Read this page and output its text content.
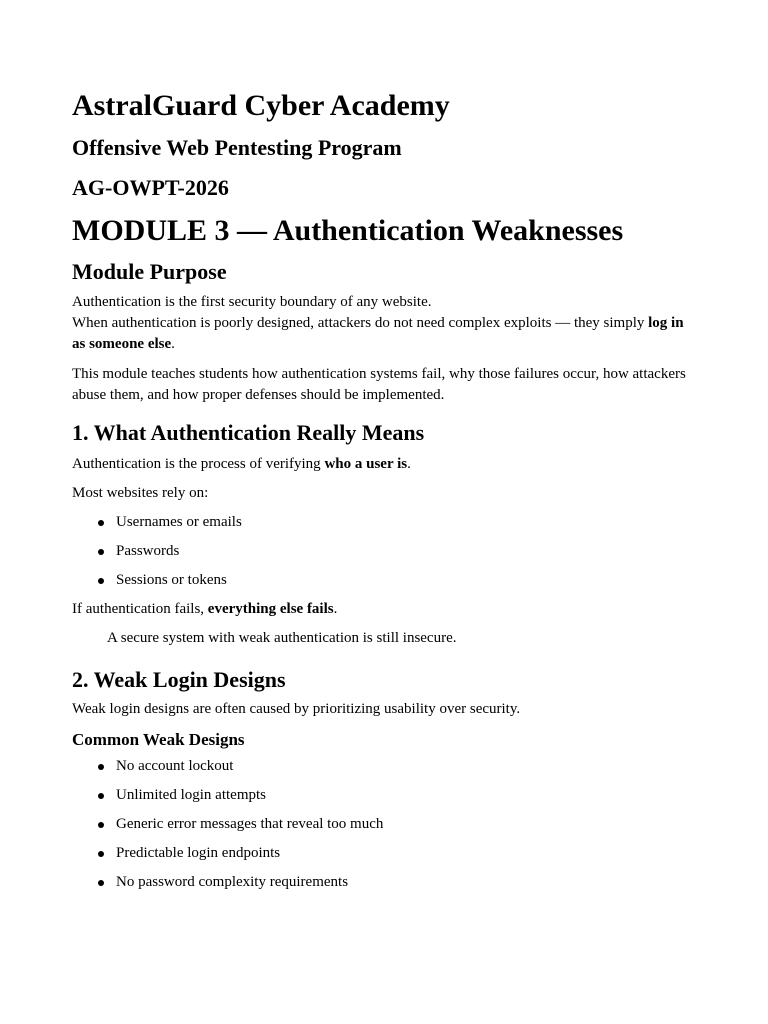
AstralGuard Cyber Academy
Offensive Web Pentesting Program
AG-OWPT-2026
MODULE 3 — Authentication Weaknesses
Module Purpose

Authentication is the first security boundary of any website.
When authentication is poorly designed, attackers do not need complex exploits — they simply log in as someone else.

This module teaches students how authentication systems fail, why those failures occur, how attackers abuse them, and how proper defenses should be implemented.

1. What Authentication Really Means

Authentication is the process of verifying who a user is.

Most websites rely on:

Usernames or emails
Passwords
Sessions or tokens

If authentication fails, everything else fails.

A secure system with weak authentication is still insecure.
2. Weak Login Designs

Weak login designs are often caused by prioritizing usability over security.

Common Weak Designs
No account lockout
Unlimited login attempts
Generic error messages that reveal too much
Predictable login endpoints
No password complexity requirements
